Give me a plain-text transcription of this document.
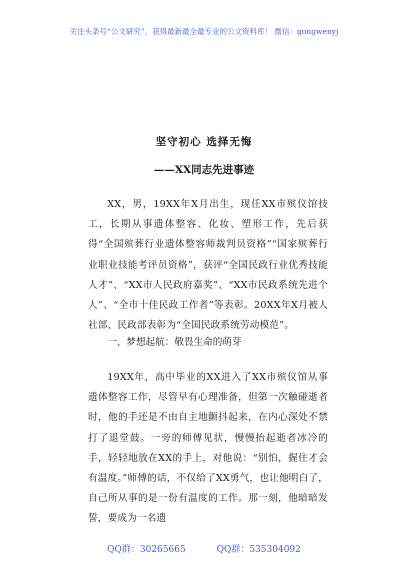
关注头条号“公文研究”，获得最新最全最专业的公文资料库！ 微信：gongwenyj
坚守初心 选择无悔
——XX同志先进事迹

XX，男，19XX年X月出生，现任XX市殡仪馆技工，长期从事遗体整容、化妆、塑形工作，先后获得“全国殡葬行业遗体整容师裁判员资格”“国家殡葬行业职业技能考评员资格”，获评“全国民政行业优秀技能人才”、“XX市人民政府嘉奖”、“XX市民政系统先进个人”、“全市十佳民政工作者”等表彰。20XX年X月被人社部、民政部表彰为“全国民政系统劳动模范”。

一、梦想起航：敬畏生命的萌芽

19XX年，高中毕业的XX进入了XX市殡仪馆从事遗体整容工作，尽管早有心理准备，但第一次触碰逝者时，他的手还是不由自主地颤抖起来，在内心深处不禁打了退堂鼓。一旁的师傅见状，慢慢抬起逝者冰冷的手，轻轻地放在XX的手上，对他说：“别怕，握住才会有温度。”师傅的话，不仅给了XX勇气，也让他明白了，自己所从事的是一份有温度的工作。那一刻，他暗暗发誓，要成为一名遗

QQ群：30265665	QQ群：535304092
